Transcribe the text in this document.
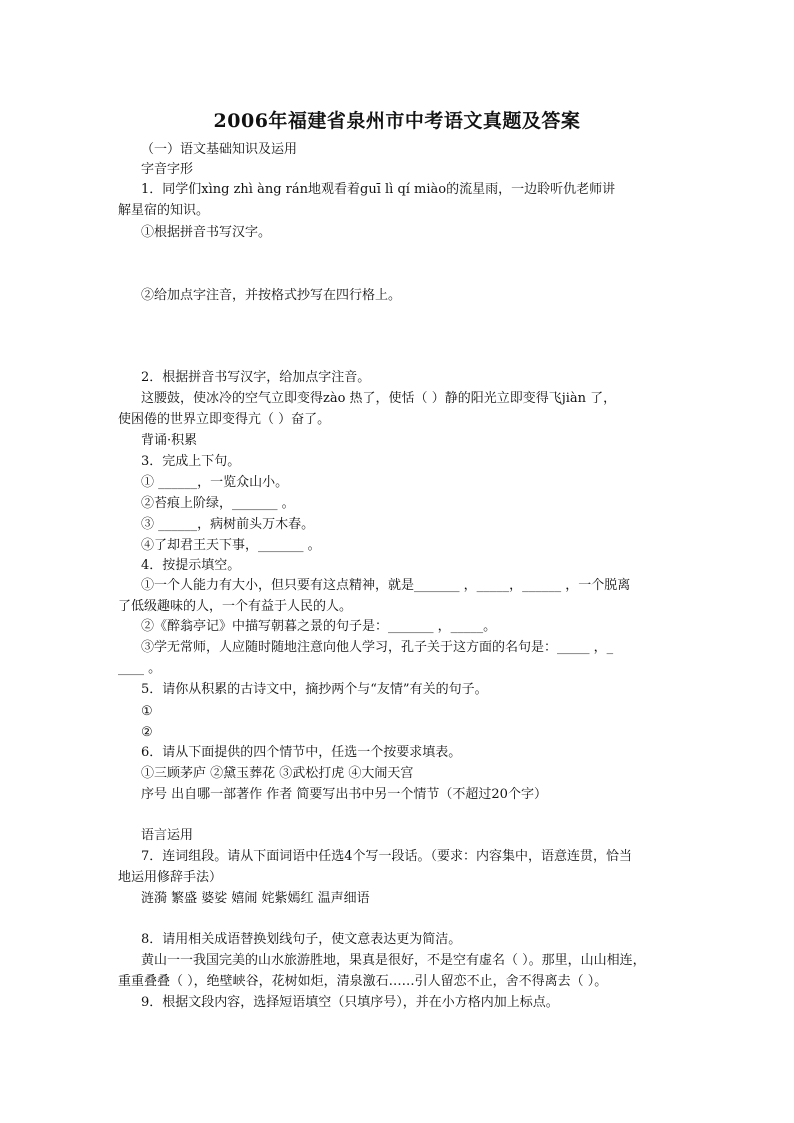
2006年福建省泉州市中考语文真题及答案
（一）语文基础知识及运用
字音字形
1．同学们xìng zhì àng rán地观看着guī lì qí miào的流星雨，一边聆听仇老师讲
解星宿的知识。
①根据拼音书写汉字。
②给加点字注音，并按格式抄写在四行格上。
2．根据拼音书写汉字，给加点字注音。
这腰鼓，使冰冷的空气立即变得zào 热了，使恬（ ）静的阳光立即变得飞jiàn 了，
使困倦的世界立即变得亢（ ）奋了。
背诵·积累
3．完成上下句。
① ______，一览众山小。
②苔痕上阶绿，_______ 。
③ ______，病树前头万木春。
④了却君王天下事，_______ 。
4．按提示填空。
①一个人能力有大小，但只要有这点精神，就是_______ ，_____，______ ，一个脱离
了低级趣味的人，一个有益于人民的人。
②《醉翁亭记》中描写朝暮之景的句子是：_______ ，_____。
③学无常师，人应随时随地注意向他人学习，孔子关于这方面的名句是：_____ ，_
____ 。
5．请你从积累的古诗文中，摘抄两个与“友情”有关的句子。
①
②
6．请从下面提供的四个情节中，任选一个按要求填表。
①三顾茅庐 ②黛玉葬花 ③武松打虎 ④大闹天宫
序号 出自哪一部著作 作者 简要写出书中另一个情节（不超过20个字）
语言运用
7．连词组段。请从下面词语中任选4个写一段话。（要求：内容集中，语意连贯，恰当
地运用修辞手法）
涟漪 繁盛 婆娑 嬉闹 姹紫嫣红 温声细语
8．请用相关成语替换划线句子，使文意表达更为简洁。
黄山一一我国完美的山水旅游胜地，果真是很好，不是空有虚名（ ）。那里，山山相连，
重重叠叠（ ），绝壁峡谷，花树如炬，清泉激石……引人留恋不止，舍不得离去（ ）。
9．根据文段内容，选择短语填空（只填序号），并在小方格内加上标点。
